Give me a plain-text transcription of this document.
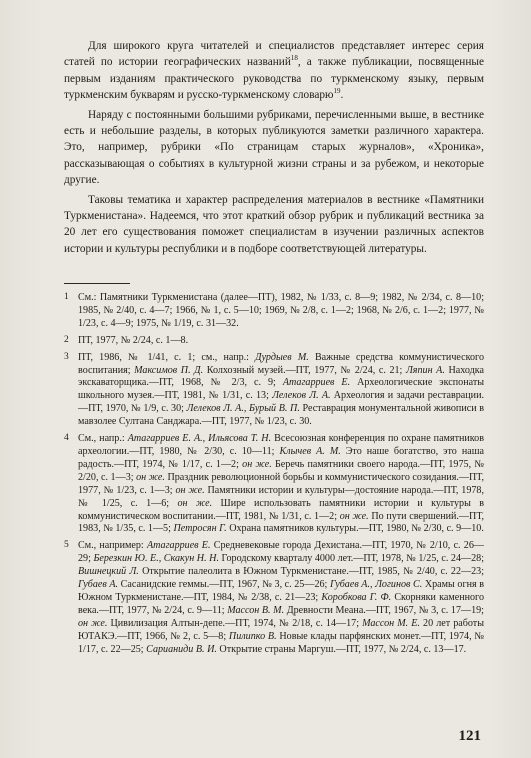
Для широкого круга читателей и специалистов представляет интерес серия статей по истории географических названий$^{18}$, а также публикации, посвященные первым изданиям практического руководства по туркменскому языку, первым туркменским букварям и русско-туркменскому словарю$^{19}$.

Наряду с постоянными большими рубриками, перечисленными выше, в вестнике есть и небольшие разделы, в которых публикуются заметки различного характера. Это, например, рубрики «По страницам старых журналов», «Хроника», рассказывающая о событиях в культурной жизни страны и за рубежом, и некоторые другие.

Таковы тематика и характер распределения материалов в вестнике «Памятники Туркменистана». Надеемся, что этот краткий обзор рубрик и публикаций вестника за 20 лет его существования поможет специалистам в изучении различных аспектов истории и культуры республики и в подборе соответствующей литературы.

1 См.: Памятники Туркменистана (далее—ПТ), 1982, № 1/33, с. 8—9; 1982, № 2/34, с. 8—10; 1985, № 2/40, с. 4—7; 1966, № 1, с. 5—10; 1969, № 2/8, с. 1—2; 1968, № 2/6, с. 1—2; 1977, № 1/23, с. 4—9; 1975, № 1/19, с. 31—32.
2 ПТ, 1977, № 2/24, с. 1—8.
3 ПТ, 1986, № 1/41, с. 1; см., напр.: Дурдыев М. Важные средства коммунистического воспитания; Максимов П. Д. Колхозный музей.—ПТ, 1977, № 2/24, с. 21; Ляпин А. Находка экскаваторщика.—ПТ, 1968, № 2/3, с. 9; Атагарриев Е. Археологические экспонаты школьного музея.—ПТ, 1981, № 1/31, с. 13; Лелеков Л. А. Археология и задачи реставрации.—ПТ, 1970, № 1/9, с. 30; Лелеков Л. А., Бурый В. П. Реставрация монументальной живописи в мавзолее Султана Санджара.—ПТ, 1977, № 1/23, с. 30.
4 См., напр.: Атагарриев Е. А., Ильясова Т. Н. Всесоюзная конференция по охране памятников археологии.—ПТ, 1980, № 2/30, с. 10—11; Клычев А. М. Это наше богатство, это наша радость.—ПТ, 1974, № 1/17, с. 1—2; он же. Беречь памятники своего народа.—ПТ, 1975, № 2/20, с. 1—3; он же. Праздник революционной борьбы и коммунистического созидания.—ПТ, 1977, № 1/23, с. 1—3; он же. Памятники истории и культуры—достояние народа.—ПТ, 1978, № 1/25, с. 1—6; он же. Шире использовать памятники истории и культуры в коммунистическом воспитании.—ПТ, 1981, № 1/31, с. 1—2; он же. По пути свершений.—ПТ, 1983, № 1/35, с. 1—5; Петросян Г. Охрана памятников культуры.—ПТ, 1980, № 2/30, с. 9—10.
5 См., например: Атагарриев Е. Средневековые города Дехистана.—ПТ, 1970, № 2/10, с. 26—29; Березкин Ю. Е., Скакун Н. Н. Городскому кварталу 4000 лет.—ПТ, 1978, № 1/25, с. 24—28; Вишнецкий Л. Открытие палеолита в Южном Туркменистане.—ПТ, 1985, № 2/40, с. 22—23; Губаев А. Сасанидские геммы.—ПТ, 1967, № 3, с. 25—26; Губаев А., Логинов С. Храмы огня в Южном Туркменистане.—ПТ, 1984, № 2/38, с. 21—23; Коробкова Г. Ф. Скорняки каменного века.—ПТ, 1977, № 2/24, с. 9—11; Массон В. М. Древности Меана.—ПТ, 1967, № 3, с. 17—19; он же. Цивилизация Алтын-депе.—ПТ, 1974, № 2/18, с. 14—17; Массон М. Е. 20 лет работы ЮТАКЭ.—ПТ, 1966, № 2, с. 5—8; Пилипко В. Новые клады парфянских монет.—ПТ, 1974, № 1/17, с. 22—25; Сарианиди В. И. Открытие страны Маргуш.—ПТ, 1977, № 2/24, с. 13—17.
121
